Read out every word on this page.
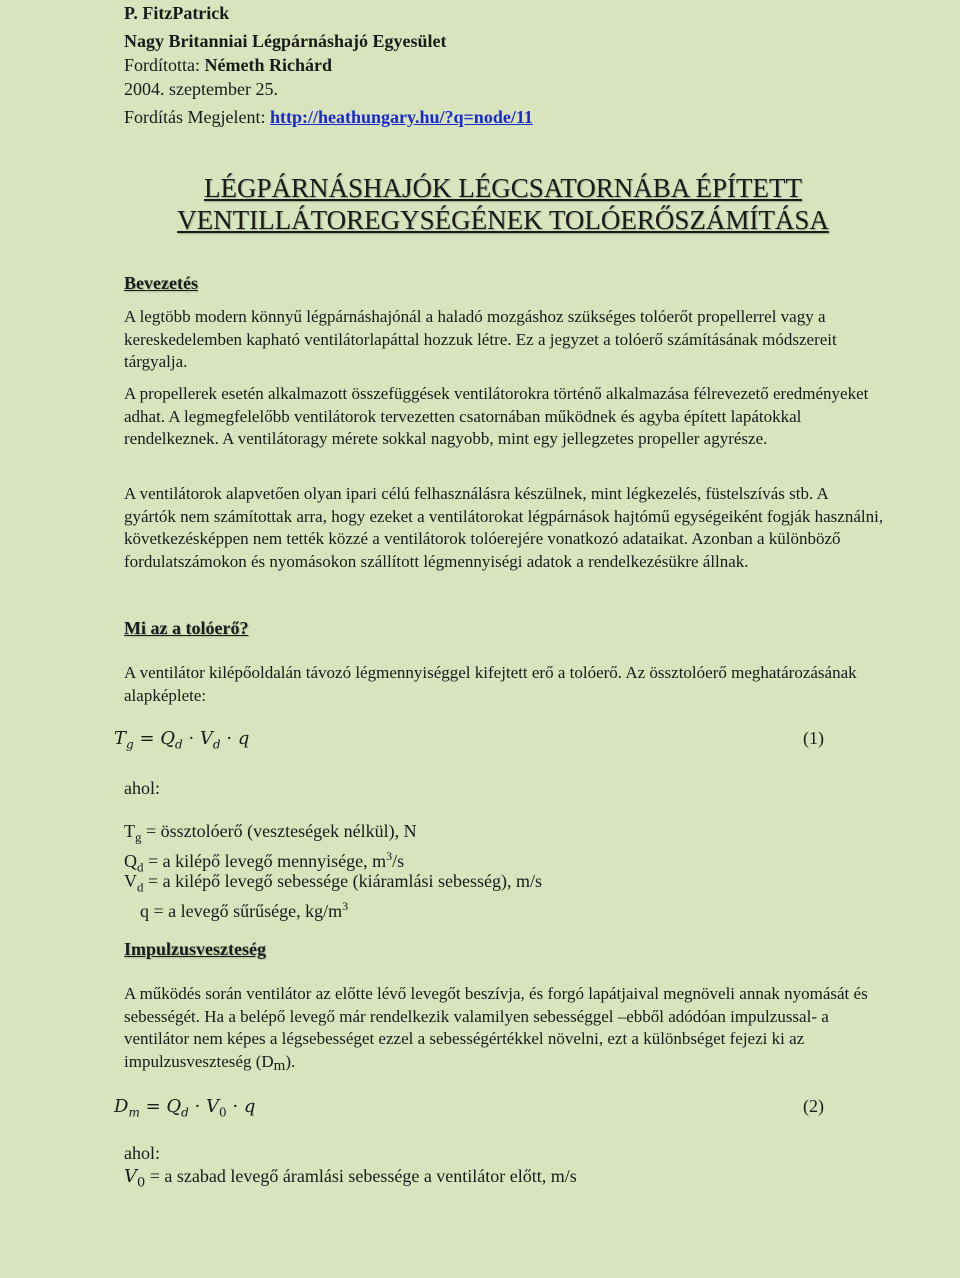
P. FitzPatrick
Nagy Britanniai Légpárnáshajó Egyesület
Fordította: Németh Richárd
2004. szeptember 25.
Fordítás Megjelent: http://heathungary.hu/?q=node/11
LÉGPÁRNÁSHAJÓK LÉGCSATORNÁBA ÉPÍTETT
VENTILLÁTOREGYSÉGÉNEK TOLÓERŐSZÁMÍTÁSA
Bevezetés
A legtöbb modern könnyű légpárnáshajónál a haladó mozgáshoz szükséges tolóerőt propellerrel vagy a kereskedelemben kapható ventilátorlapáttal hozzuk létre. Ez a jegyzet a tolóerő számításának módszereit tárgyalja.
A propellerek esetén alkalmazott összefüggések ventilátorokra történő alkalmazása félrevezető eredményeket adhat. A legmegfelelőbb ventilátorok tervezetten csatornában működnek és agyba épített lapátokkal rendelkeznek. A ventilátoragy mérete sokkal nagyobb, mint egy jellegzetes propeller agyrésze.
A ventilátorok alapvetően olyan ipari célú felhasználásra készülnek, mint légkezelés, füstelszívás stb. A gyártók nem számítottak arra, hogy ezeket a ventilátorokat légpárnások hajtómű egységeiként fogják használni, következésképpen nem tették közzé a ventilátorok tolóerejére vonatkozó adataikat. Azonban a különböző fordulatszámokon és nyomásokon szállított légmennyiségi adatok a rendelkezésükre állnak.
Mi az a tolóerő?
A ventilátor kilépőoldalán távozó légmennyiséggel kifejtett erő a tolóerő. Az össztolóerő meghatározásának alapképlete:
$T_g = Q_d \cdot V_d \cdot q$	(1)
ahol:
$T_g$ = össztolóerő (veszteségek nélkül), N
$Q_d = a$ kilépő levegő mennyisége, $m^3/s$
$V_d = a$ kilépő levegő sebessége (kiáramlási sebesség), m/s
q = a levegő sűrűsége, $kg/m^3$
Impulzusveszteség
A működés során ventilátor az előtte lévő levegőt beszívja, és forgó lapátjaival megnöveli annak nyomását és sebességét. Ha a belépő levegő már rendelkezik valamilyen sebességgel –ebből adódóan impulzussal- a ventilátor nem képes a légsebességet ezzel a sebességértékkel növelni, ezt a különbséget fejezi ki az impulzusveszteség (Dm).
$D_m = Q_d \cdot V_0 \cdot q$	(2)
ahol:
$V_0 = a$ szabad levegő áramlási sebessége a ventilátor előtt, m/s
